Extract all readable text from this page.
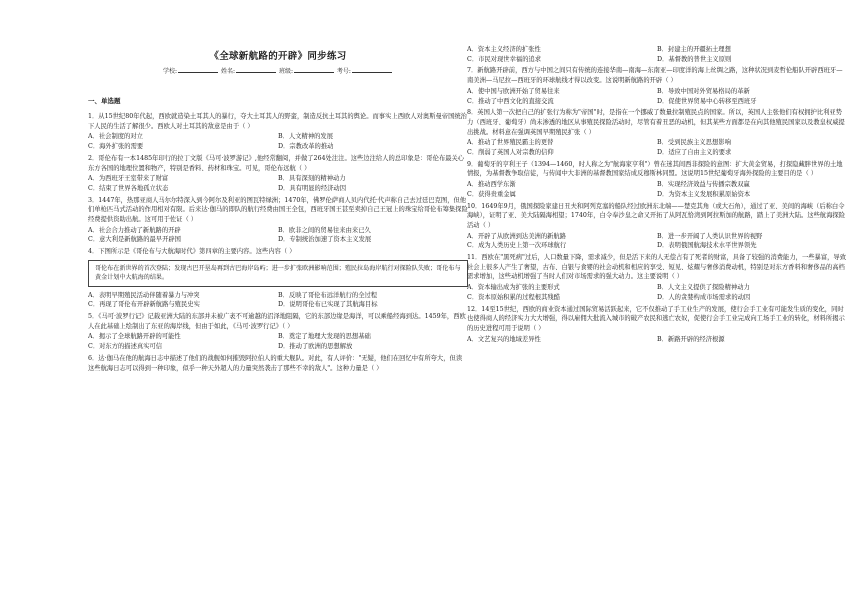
《全球新航路的开辟》同步练习
学校:	姓名:	班级:	考号:
一、单选题

1．从15世纪80年代起，西欧就造染土耳其人的暴行，夺大土耳其人的野蛮，制造反抗土耳其的舆论。而事实上西欧人对奥斯曼帝国统治下人民的生活了解很少。西欧人对土耳其的敌意是由于（ ）

A．社会制度的对立	B．人文精神的发展
C．海外扩张的需要	D．宗教改革的推动

2．哥伦布有一本1485年印行的拉丁文版《马可·波罗游记》,他经常翻阅，并做了264处注注。这些边注给人的总印象是：哥伦布最关心东方各国的地理位置和物产，特别是香料、药材和珠宝。可见，哥伦布远航（ ）

A．为西班牙王室带来了财富	B．具有深刻的精神动力
C．结束了世界各地孤立状态	D．具有明显的经济动因

3．1447年，热那亚商人马尔尔特深入到今阿尔及利亚的图瓦特绿洲；1470年，佛罗伦萨商人贝内代托·代声称自己去过廷巴克图，但他们单枪匹马式活动的作用相对有限。后来达·伽马的即队的航行经费由国王全包，西班牙国王甚至卖掉自己王冠上的珠宝给哥伦布筹集探险经费提供资助出航。这可用于佐证（ ）

A．社会合力推动了新航路的开辟	B．欧非之间的贸易往来由来已久
C．意大利是新航路的最早开辟国	D．专制统治加速了资本主义发展

4．下图所示是《哥伦布与大航海时代》第四章的主要内容。这些内容（ ）

哥伦布在新世界的首次登陆；发现古巴开垦岛再到古巴海岸岛屿；进一步扩张欧洲影响范围；殖民拉岛海岸航行对探险队失败；哥伦布与黄金计划中大航海的结果。
A．表明早期殖民活动伴随着暴力与冲突	B．反映了哥伦布远洋航行的全过程
C．再现了哥伦布开辟新航路与殖民史实	D．说明哥伦布已实现了其航海目标

5．《马可·波罗行记》记载亚洲大陆的东部并未被广袤不可逾越的沼泽地阻隔，它的东部边缘是海洋，可以乘船经海到达。1459年，西欧人在此基础上绘制出了东亚的海岸线，但由于如此，《马可·波罗行记》（ ）

A．揭示了全球航路开辟的可能性	B．奠定了地理大发现的思想基础
C．对东方的描述真实可信	D．推动了欧洲的思想解放

6．达·伽马在他的航海日志中描述了他们的战舰如何摧毁阿拉伯人的重大舰队。对此，有人评价："无疑，他们在回忆中有所夸大，但读这些航海日志可以得到一种印象，似乎一种天外超人的力量突然袭击了那些不幸的敌人"。这种力量是（ ）

A．资本主义经济的扩张性	B．封建主的开疆拓土理想
C．市民对现世幸福的追求	D．基督教的普世主义原则

7．新航路开辟前，西方与中国之间只有传统的连接华南—南海—东南亚—印度洋的海上丝绸之路，这种状况到麦哲伦船队开辟西班牙—南美洲—马尼拉—西班牙的环球航线才得以改变。这说明新航路的开辟（ ）

A．使中国与欧洲开始了贸易往来	B．导致中国对外贸易格局的革新
C．推动了中西文化的直接交流	D．促使世界贸易中心转移至西班牙

8．英国人第一次把自己的扩张行为称为"帝国"时，是指在一个挪威了数量拉制殖民点的国家。所以，英国人主张他们有权拥护比利亚势力（西班牙、葡萄牙）尚未渗透的地区从事殖民探险活动时，尽管有着丑恶的动机，但其某些方面都是在向其他殖民国家以及教皇权威提出挑战。材料意在强调英国早期殖民扩张（ ）

A．推动了世界殖民霸主的更替	B．受到民族主义思想影响
C．削弱了英国人对宗教的信仰	D．适应了自由主义的要求

9．葡萄牙的亨利王子（1394—1460，时人称之为"航海家亨利"）曾在迷其间西非探险的意图：扩大黄金贸易，打探隐藏胖世界的土地情报，为基督教争取信徒，与传闻中大非洲的基督教国家结成反穆斯林同盟。这说明15世纪葡萄牙海外探险的主要目的是（ ）

A．推动西学东渐	B．实现经济效益与传播宗教双赢
C．获得贵重金属	D．为资本主义发展积累原始资本

10．1649年9月，俄国探险家建日丑夫和阿列克塞的船队经过欧洲东北端——楚克其角（或大石角），通过了亚、美间的海峡（后称白令海峡），证明了亚、美大陆隔海相望；1740年，白令奉沙皇之命又开拓了从阿瓦恰湾到阿拉斯加的航路，踏上了美洲大陆。这些航海探险活动（ ）

A．开辟了从欧洲到达美洲的新航路	B．进一步开阔了人类认识世界的视野
C．成为人类历史上第一次环球航行	D．表明俄国航海技术水平世界领先

11．西欧在"黑死病"过后，人口数量下降，需求减少，但是活下来的人无偿占有了死者的财富，具备了较强的消费能力，一些暴富，导致社会上很多人产生了奢望，古布、白银与食婴的社会动机和相应的享受、短见、炫耀与奢侈消费动机，特别是对东方香料和奢侈品的高档需求增加，这些动机增强了当时人们对市场需求的强大动力。这主要说明（ ）

A．资本输出成为扩张的主要形式	B．人文主义提供了探险精神动力
C．资本原始积累的过程根其残酷	D．人的贪婪构成市场需求的动因

12．14至15世纪，西欧的商业资本通过国际贸易活跃起来，它不仅推动了手工业生产的发展，使行会手工业有可能发生质的变化，同时也使得商人的经济实力大大增强，得以雇佣大批流入城市的破产农民和逃亡农奴，促使行会手工业完成向工场手工业的转化，材料所揭示的历史进程可用于说明（ ）

A．文艺复兴的地域差异性	B．新路开辟的经济根源
